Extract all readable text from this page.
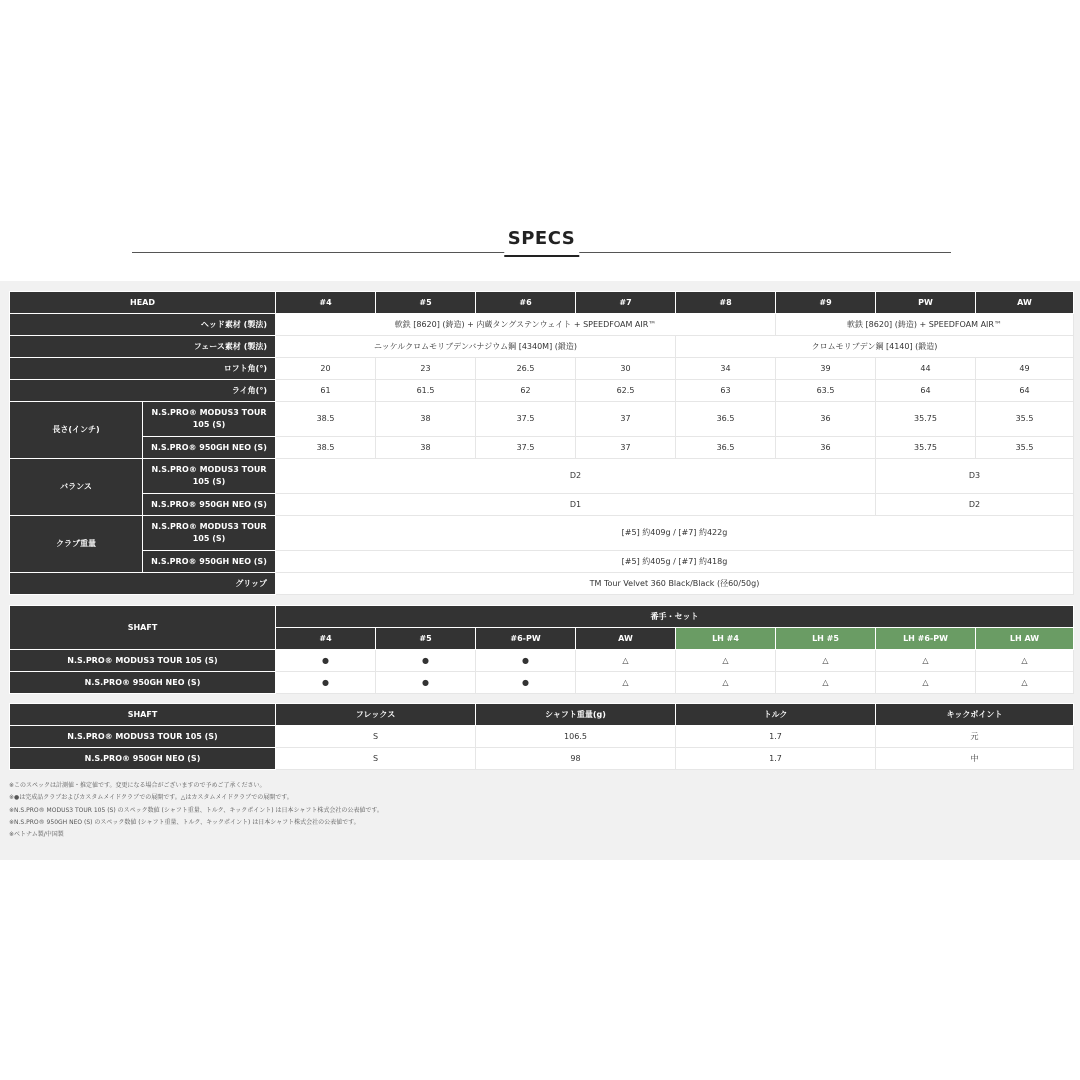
SPECS
HEAD		#4	#5	#6	#7	#8	#9	PW	AW
ヘッド素材 (製法)		軟鉄 [8620] (鋳造) + 内蔵タングステンウェイト + SPEEDFOAM AIR™					軟鉄 [8620] (鋳造) + SPEEDFOAM AIR™		
フェース素材 (製法)		ニッケルクロムモリブデンバナジウム鋼 [4340M] (鍛造)				クロムモリブデン鋼 [4140] (鍛造)			
ロフト角(°)		20	23	26.5	30	34	39	44	49
ライ角(°)		61	61.5	62	62.5	63	63.5	64	64
長さ(インチ)	N.S.PRO® MODUS3 TOUR 105 (S)	38.5	38	37.5	37	36.5	36	35.75	35.5
	N.S.PRO® 950GH NEO (S)	38.5	38	37.5	37	36.5	36	35.75	35.5
バランス	N.S.PRO® MODUS3 TOUR 105 (S)	D2						D3	
	N.S.PRO® 950GH NEO (S)	D1						D2	
クラブ重量	N.S.PRO® MODUS3 TOUR 105 (S)	[#5] 約409g / [#7] 約422g							
	N.S.PRO® 950GH NEO (S)	[#5] 約405g / [#7] 約418g							
グリップ		TM Tour Velvet 360 Black/Black (径60/50g)							
SHAFT	番手・セット							
	#4	#5	#6-PW	AW	LH #4	LH #5	LH #6-PW	LH AW
N.S.PRO® MODUS3 TOUR 105 (S)	●	●	●	△	△	△	△	△
N.S.PRO® 950GH NEO (S)	●	●	●	△	△	△	△	△
SHAFT	フレックス	シャフト重量(g)	トルク	キックポイント
N.S.PRO® MODUS3 TOUR 105 (S)	S	106.5	1.7	元
N.S.PRO® 950GH NEO (S)	S	98	1.7	中
※このスペックは計測値・推定値です。変更になる場合がございますので予めご了承ください。
※●は完成品クラブおよびカスタムメイドクラブでの展開です。△はカスタムメイドクラブでの展開です。
※N.S.PRO® MODUS3 TOUR 105 (S) のスペック数値 (シャフト重量、トルク、キックポイント) は日本シャフト株式会社の公表値です。
※N.S.PRO® 950GH NEO (S) のスペック数値 (シャフト重量、トルク、キックポイント) は日本シャフト株式会社の公表値です。
※ベトナム製/中国製
